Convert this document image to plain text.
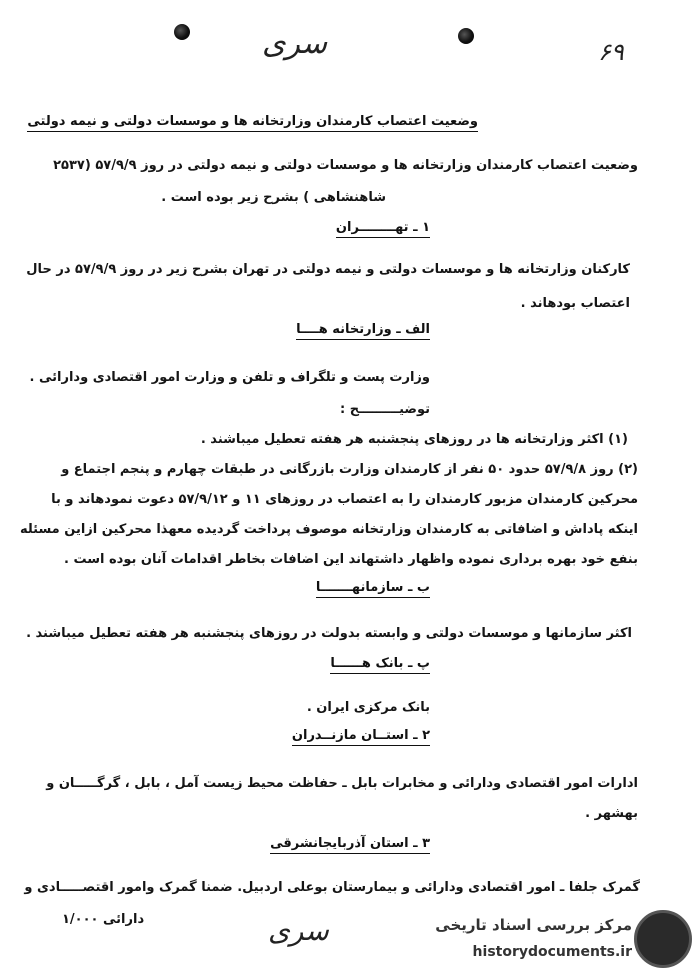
سری	۶۹
وضعیت اعتصاب کارمندان وزارتخانه ها و موسسات دولتی و نیمه دولتی
وضعیت اعتصاب کارمندان وزارتخانه ها و موسسات دولتی و نیمه دولتی در روز ۵۷/۹/۹ (۲۵۳۷
شاهنشاهی ) بشرح زیر بوده است .
۱ ـ تهــــــــران
کارکنان وزارتخانه ها و موسسات دولتی و نیمه دولتی در تهران بشرح زیر در روز ۵۷/۹/۹ در حال
اعتصاب بودهاند .
الف ـ وزارتخانه هــــا
وزارت پست و تلگراف و تلفن و وزارت امور اقتصادی ودارائی .
توضیـــــــــح :
(۱) اکثر وزارتخانه ها در روزهای پنجشنبه هر هفته تعطیل میباشند .
(۲) روز ۵۷/۹/۸ حدود ۵۰ نفر از کارمندان وزارت بازرگانی در طبقات چهارم و پنجم اجتماع و
محرکین کارمندان مزبور کارمندان را به اعتصاب در روزهای ۱۱ و ۵۷/۹/۱۲ دعوت نمودهاند و با
اینکه پاداش و اضافاتی به کارمندان وزارتخانه موصوف پرداخت گردیده معهذا محرکین ازاین مسئله
بنفع خود بهره برداری نموده واظهار داشتهاند این اضافات بخاطر اقدامات آنان بوده است .
ب ـ سازمانهـــــــا
اکثر سازمانها و موسسات دولتی و وابسته بدولت در روزهای پنجشنبه هر هفته تعطیل میباشند .
پ ـ بانک هــــــا
بانک مرکزی ایران .
۲ ـ استــان مازنــدران
ادارات امور اقتصادی ودارائی و مخابرات بابل ـ حفاظت محیط زیست آمل ، بابل ، گرگـــــان و
بهشهر .
۳ ـ استان آذربایجانشرقی
گمرک جلفا ـ امور اقتصادی ودارائی و بیمارستان بوعلی اردبیل. ضمنا گمرک وامور اقتصـــــادی و
دارائی ۱/۰۰۰	سری	مرکز بررسی اسناد تاریخی
historydocuments.ir
